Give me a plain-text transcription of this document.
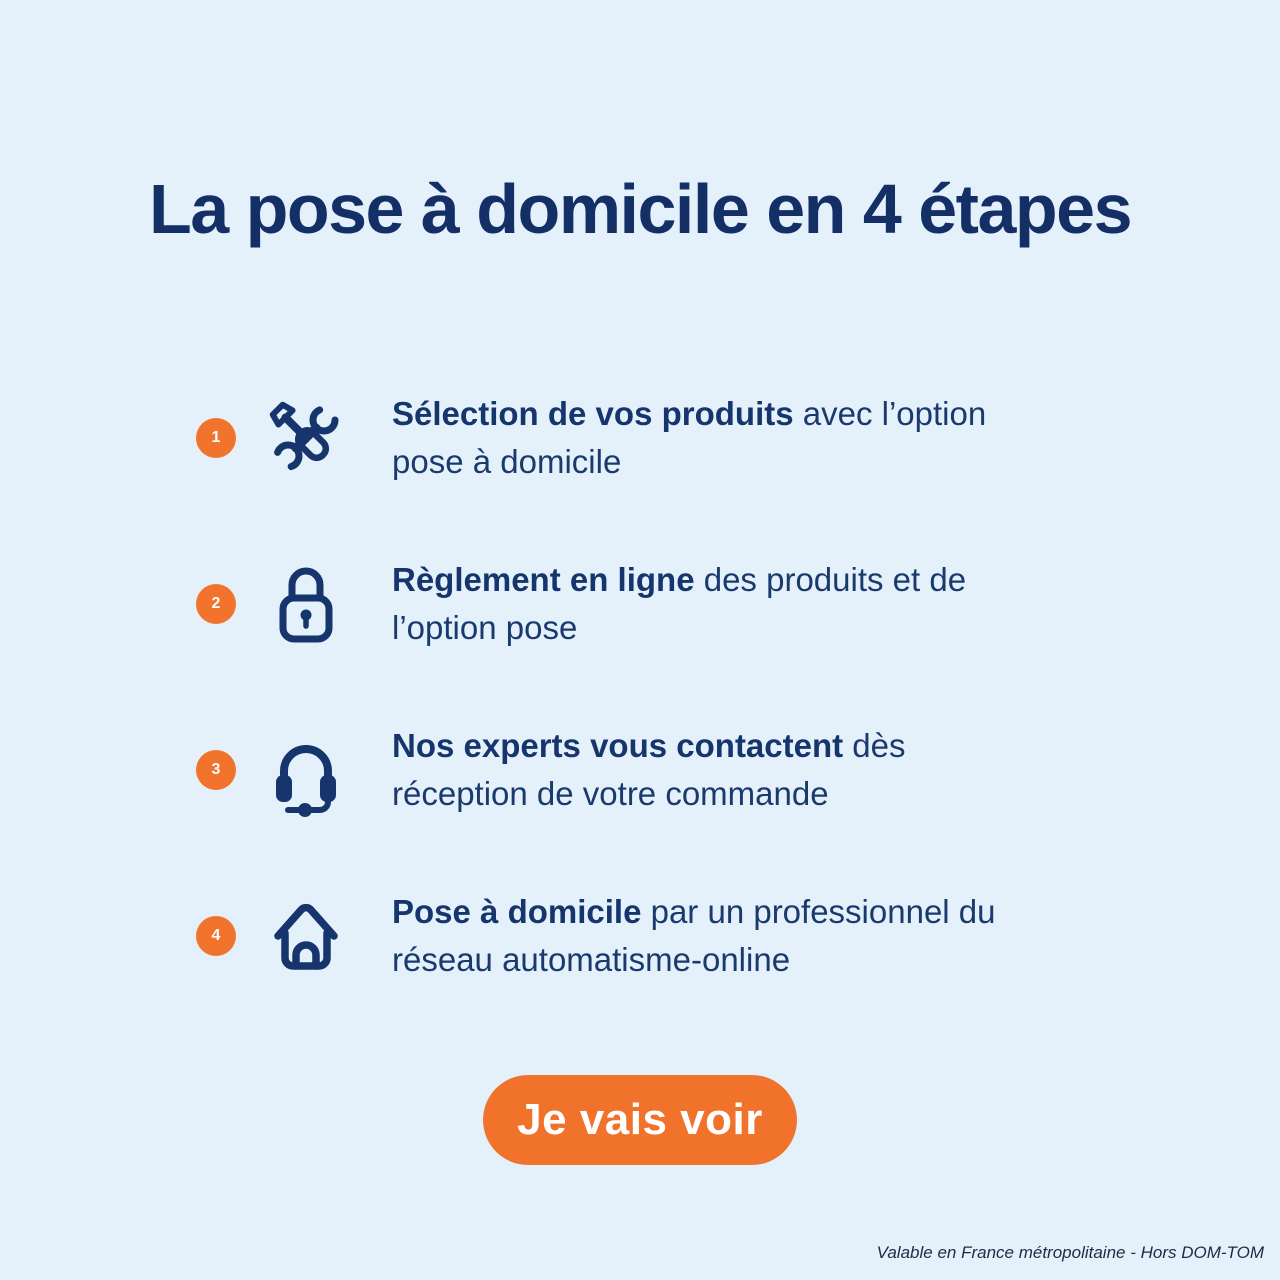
La pose à domicile en 4 étapes
1

Sélection de vos produits avec l’option
pose à domicile

2

Règlement en ligne des produits et de
l’option pose

3

Nos experts vous contactent dès
réception de votre commande

4

Pose à domicile par un professionnel du
réseau automatisme-online

Je vais voir
Valable en France métropolitaine - Hors DOM-TOM
